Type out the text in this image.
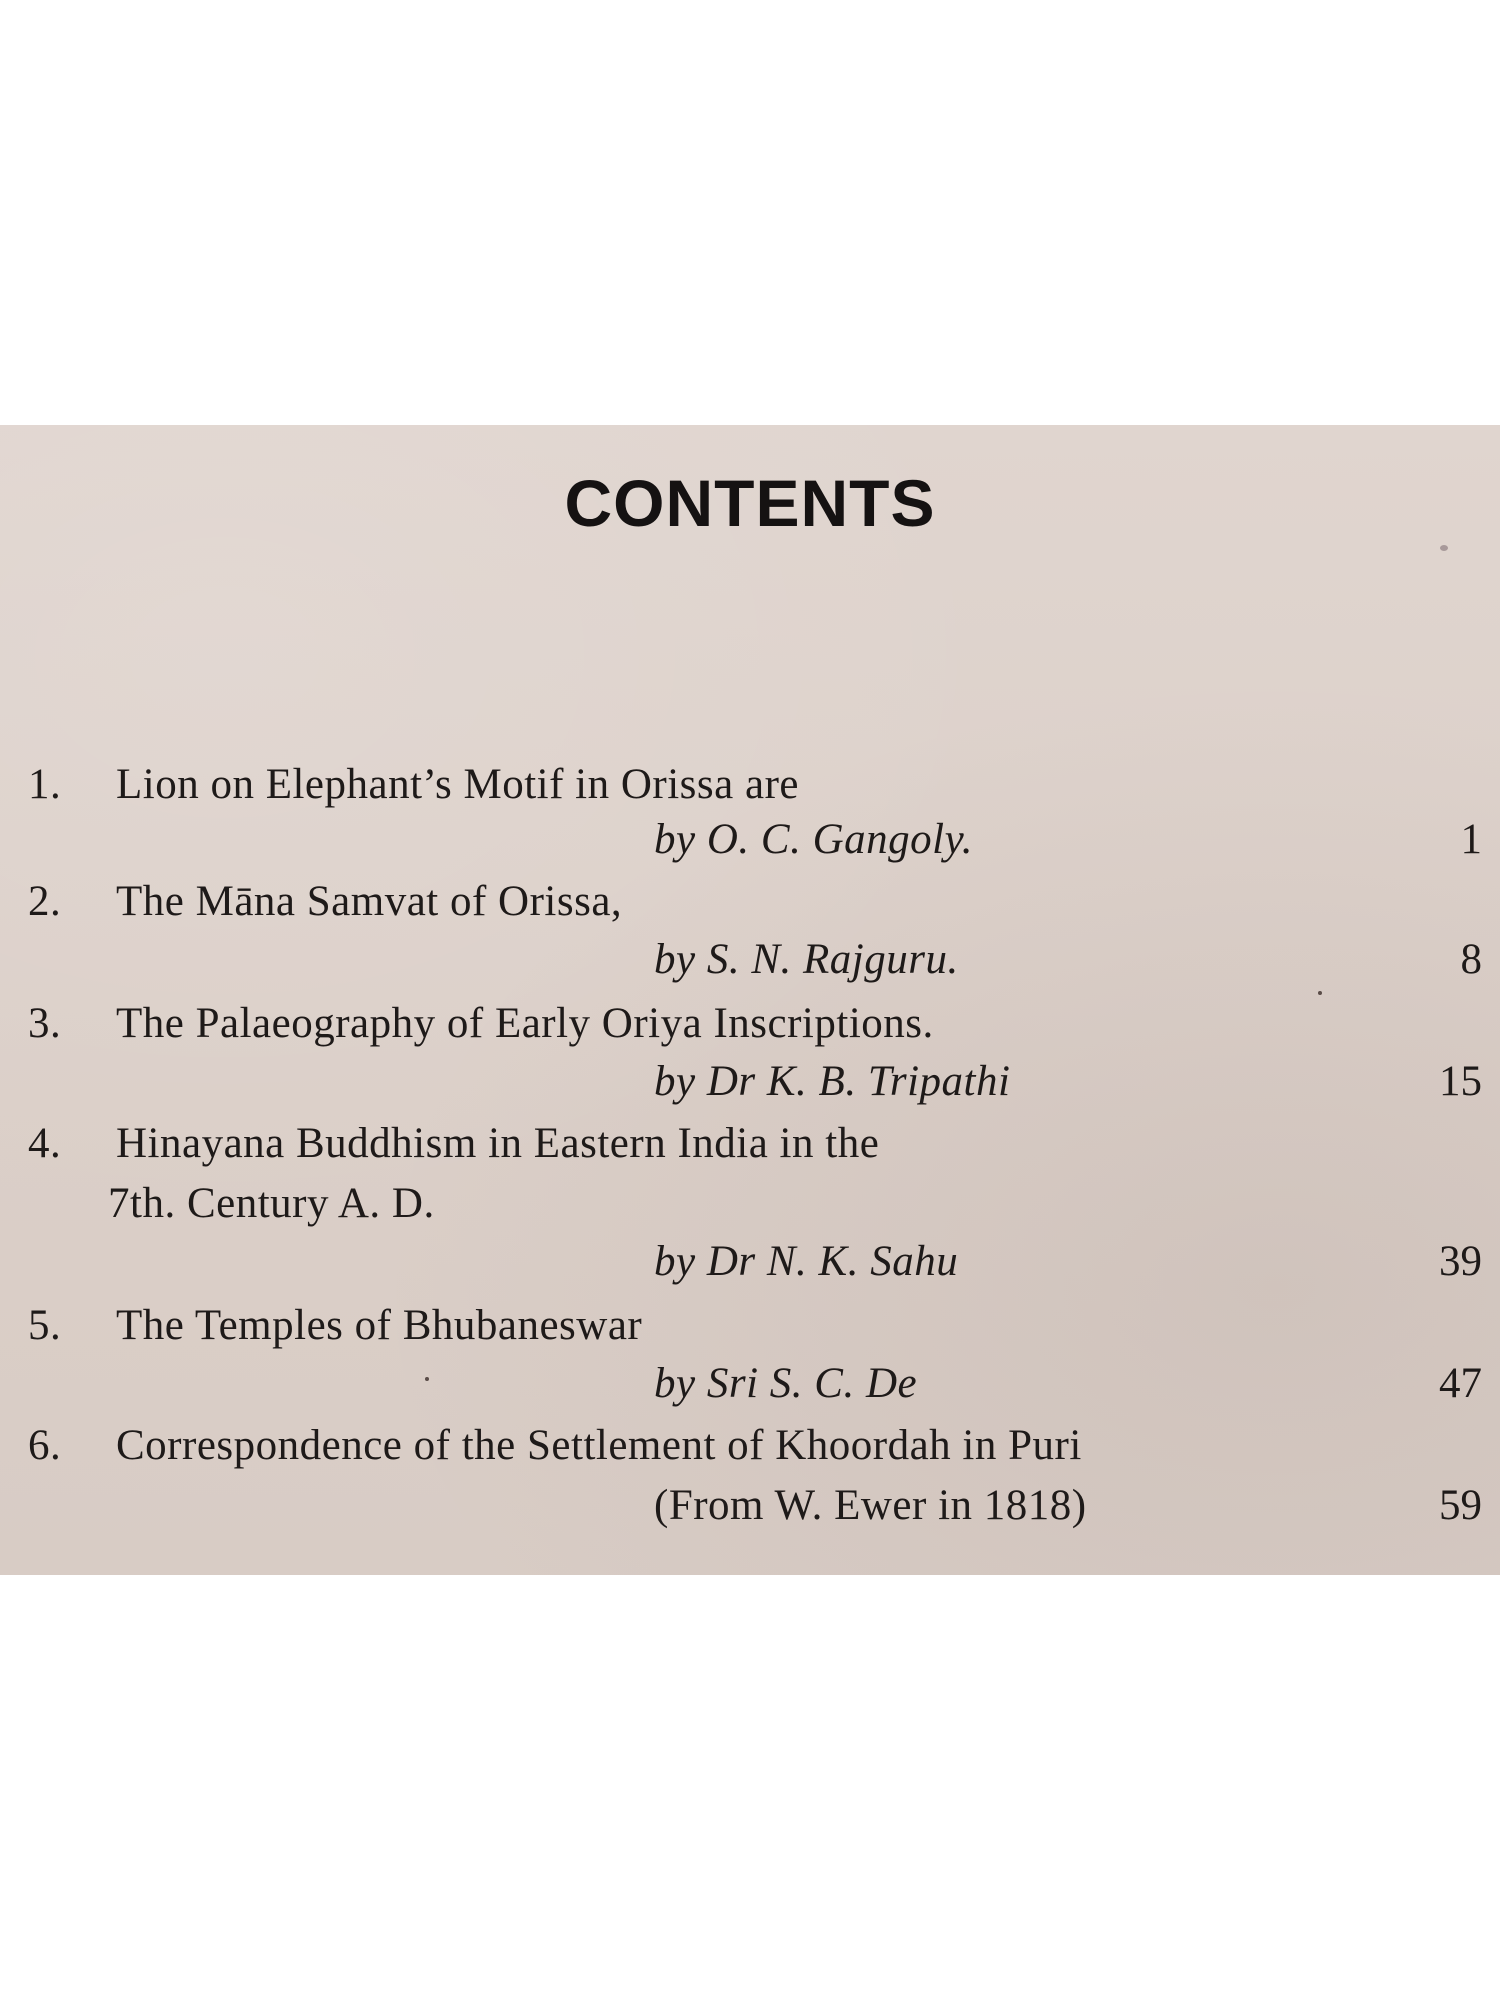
CONTENTS
1. Lion on Elephant’s Motif in Orissa are
by O. C. Gangoly.	1
2. The Māna Samvat of Orissa,
by S. N. Rajguru.	8
3. The Palaeography of Early Oriya Inscriptions.
by Dr K. B. Tripathi	15
4. Hinayana Buddhism in Eastern India in the
7th. Century A. D.
by Dr N. K. Sahu	39
5. The Temples of Bhubaneswar
by Sri S. C. De	47
6. Correspondence of the Settlement of Khoordah in Puri
(From W. Ewer in 1818)	59
